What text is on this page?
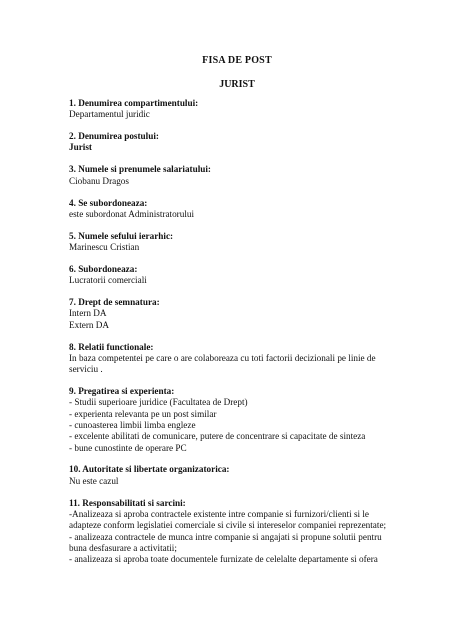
FISA DE POST
JURIST
1. Denumirea compartimentului:
Departamentul juridic
2. Denumirea postului:
Jurist
3. Numele si prenumele salariatului:
Ciobanu Dragos
4. Se subordoneaza:
este subordonat Administratorului
5. Numele sefului ierarhic:
Marinescu Cristian
6. Subordoneaza:
Lucratorii comerciali
7. Drept de semnatura:
Intern DA
Extern DA
8. Relatii functionale:
In baza competentei pe care o are colaboreaza cu toti factorii decizionali pe linie de
serviciu .
9. Pregatirea si experienta:
- Studii superioare juridice (Facultatea de Drept)
- experienta relevanta pe un post similar
- cunoasterea limbii limba engleze
- excelente abilitati de comunicare, putere de concentrare si capacitate de sinteza
- bune cunostinte de operare PC
10. Autoritate si libertate organizatorica:
Nu este cazul
11. Responsabilitati si sarcini:
-Analizeaza si aproba contractele existente intre companie si furnizori/clienti si le
adapteze conform legislatiei comerciale si civile si intereselor companiei reprezentate;
- analizeaza contractele de munca intre companie si angajati si propune solutii pentru
buna desfasurare a activitatii;
- analizeaza si aproba toate documentele furnizate de celelalte departamente si ofera
